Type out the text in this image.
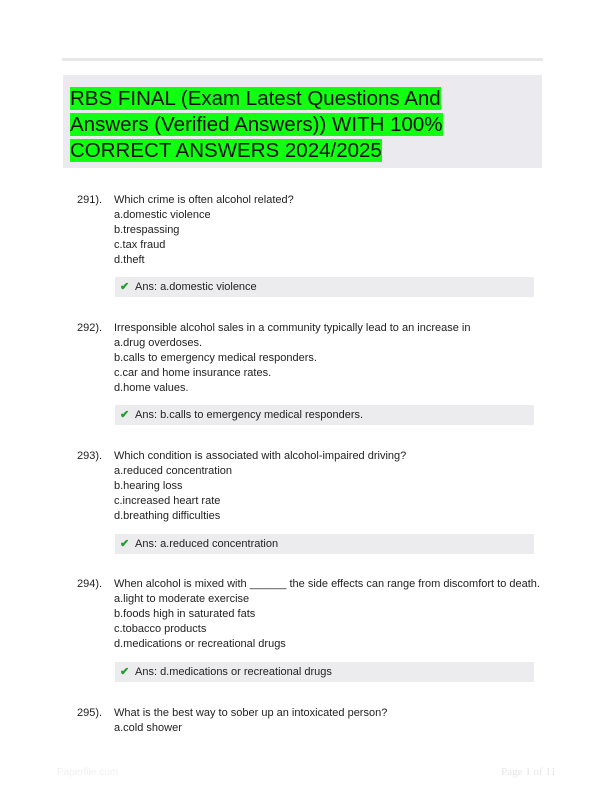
RBS FINAL (Exam Latest Questions And
Answers (Verified Answers)) WITH 100%
CORRECT ANSWERS 2024/2025
291). Which crime is often alcohol related?
a.domestic violence
b.trespassing
c.tax fraud
d.theft
✔ Ans: a.domestic violence
292). Irresponsible alcohol sales in a community typically lead to an increase in
a.drug overdoses.
b.calls to emergency medical responders.
c.car and home insurance rates.
d.home values.
✔ Ans: b.calls to emergency medical responders.
293). Which condition is associated with alcohol-impaired driving?
a.reduced concentration
b.hearing loss
c.increased heart rate
d.breathing difficulties
✔ Ans: a.reduced concentration
294). When alcohol is mixed with ______ the side effects can range from discomfort to death.
a.light to moderate exercise
b.foods high in saturated fats
c.tobacco products
d.medications or recreational drugs
✔ Ans: d.medications or recreational drugs
295). What is the best way to sober up an intoxicated person?
a.cold shower
Paperfile.com	Page 1 of 11
